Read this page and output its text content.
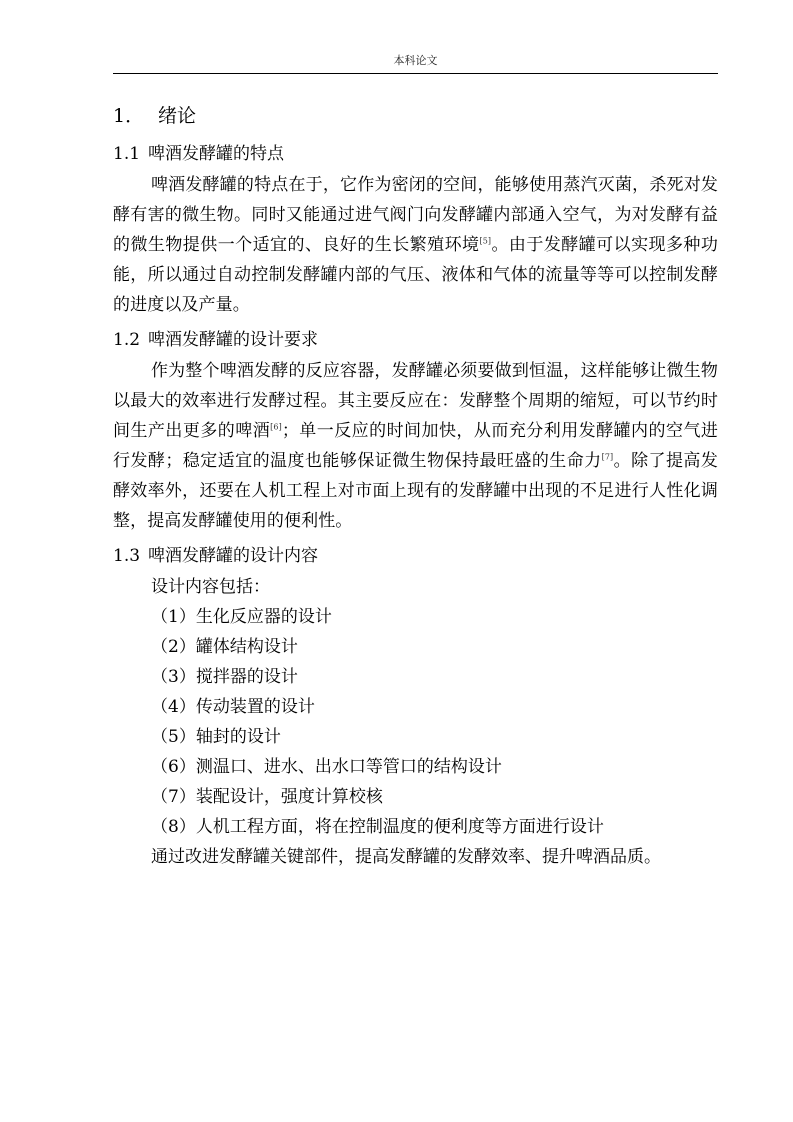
本科论文
1． 绪论
1.1 啤酒发酵罐的特点

啤酒发酵罐的特点在于，它作为密闭的空间，能够使用蒸汽灭菌，杀死对发酵有害的微生物。同时又能通过进气阀门向发酵罐内部通入空气，为对发酵有益的微生物提供一个适宜的、良好的生长繁殖环境[5]。由于发酵罐可以实现多种功能，所以通过自动控制发酵罐内部的气压、液体和气体的流量等等可以控制发酵的进度以及产量。

1.2 啤酒发酵罐的设计要求

作为整个啤酒发酵的反应容器，发酵罐必须要做到恒温，这样能够让微生物以最大的效率进行发酵过程。其主要反应在：发酵整个周期的缩短，可以节约时间生产出更多的啤酒[6]；单一反应的时间加快，从而充分利用发酵罐内的空气进行发酵；稳定适宜的温度也能够保证微生物保持最旺盛的生命力[7]。除了提高发酵效率外，还要在人机工程上对市面上现有的发酵罐中出现的不足进行人性化调整，提高发酵罐使用的便利性。

1.3 啤酒发酵罐的设计内容

设计内容包括：

（1）生化反应器的设计
（2）罐体结构设计
（3）搅拌器的设计
（4）传动装置的设计
（5）轴封的设计
（6）测温口、进水、出水口等管口的结构设计
（7）装配设计，强度计算校核
（8）人机工程方面，将在控制温度的便利度等方面进行设计

通过改进发酵罐关键部件，提高发酵罐的发酵效率、提升啤酒品质。
